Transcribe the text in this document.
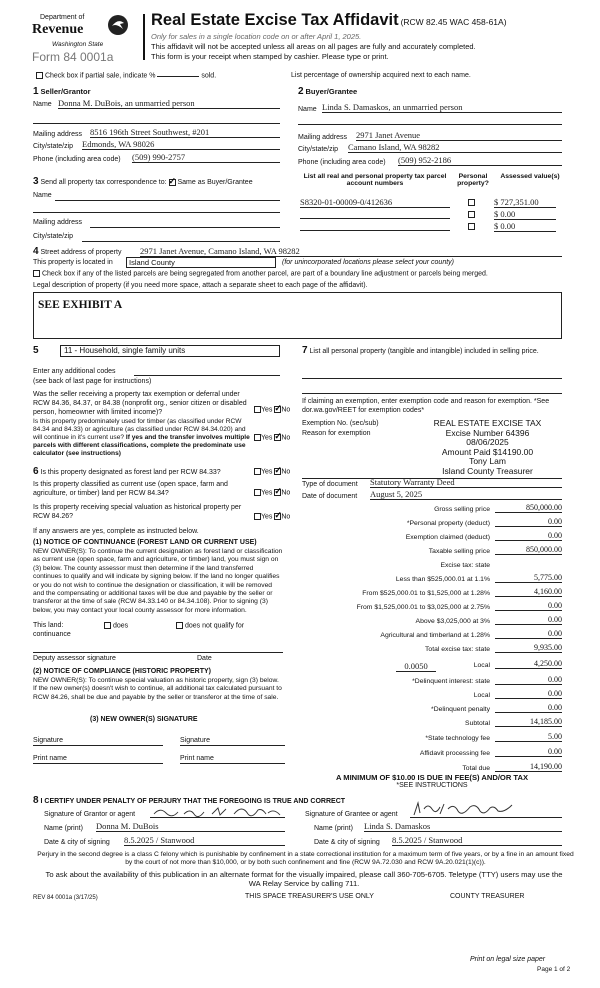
Department of
Revenue
Washington State
Form 84 0001a
Real Estate Excise Tax Affidavit (RCW 82.45 WAC 458-61A)
Only for sales in a single location code on or after April 1, 2025.
This affidavit will not be accepted unless all areas on all pages are fully and accurately completed.
This form is your receipt when stamped by cashier. Please type or print.
Check box if partial sale, indicate %	sold.	List percentage of ownership acquired next to each name.
1 Seller/Grantor
Name Donna M. DuBois, an unmarried person
Mailing address 8516 196th Street Southwest, #201
City/state/zip Edmonds, WA 98026
Phone (including area code) (509) 990-2757
2 Buyer/Grantee
Name Linda S. Damaskos, an unmarried person
Mailing address 2971 Janet Avenue
City/state/zip Camano Island, WA 98282
Phone (including area code) (509) 952-2186
3 Send all property tax correspondence to: ✓ Same as Buyer/Grantee
Name
Mailing address
City/state/zip
List all real and personal property tax parcel account numbers
Personal property?
Assessed value(s)
S8320-01-00009-0/412636	$ 727,351.00
$ 0.00
$ 0.00
4 Street address of property 2971 Janet Avenue, Camano Island, WA 98282
This property is located in	Island County	(for unincorporated locations please select your county)
Check box if any of the listed parcels are being segregated from another parcel, are part of a boundary line adjustment or parcels being merged.
Legal description of property (if you need more space, attach a separate sheet to each page of the affidavit).
SEE EXHIBIT A
5	11 - Household, single family units
Enter any additional codes
(see back of last page for instructions)
Was the seller receiving a property tax exemption or deferral under RCW 84.36, 84.37, or 84.38 (nonprofit org., senior citizen or disabled person, homeowner with limited income)?	Yes ✓ No
Is this property predominately used for timber (as classified under RCW 84.34 and 84.33) or agriculture (as classified under RCW 84.34.020) and will continue in it's current use? If yes and the transfer involves multiple parcels with different classifications, complete the predominate use calculator (see instructions)
Yes ✓ No
6 Is this property designated as forest land per RCW 84.33?	Yes ✓ No
Is this property classified as current use (open space, farm and agriculture, or timber) land per RCW 84.34?	Yes ✓ No
Is this property receiving special valuation as historical property per RCW 84.26?	Yes ✓ No
If any answers are yes, complete as instructed below.
(1) NOTICE OF CONTINUANCE (FOREST LAND OR CURRENT USE)
NEW OWNER(S): To continue the current designation as forest land or classification as current use (open space, farm and agriculture, or timber) land, you must sign on (3) below. The county assessor must then determine if the land transferred continues to qualify and will indicate by signing below. If the land no longer qualifies or you do not wish to continue the designation or classification, it will be removed and the compensating or additional taxes will be due and payable by the seller or transferor at the time of sale (RCW 84.33.140 or 84.34.108). Prior to signing (3) below, you may contact your local county assessor for more information.
This land:
continuance
does	does not qualify for
Deputy assessor signature	Date
(2) NOTICE OF COMPLIANCE (HISTORIC PROPERTY)
NEW OWNER(S): To continue special valuation as historic property, sign (3) below. If the new owner(s) doesn't wish to continue, all additional tax calculated pursuant to RCW 84.26, shall be due and payable by the seller or transferor at the time of sale.
(3) NEW OWNER(S) SIGNATURE
Signature	Signature
Print name	Print name
7 List all personal property (tangible and intangible) included in selling price.
If claiming an exemption, enter exemption code and reason for exemption. *See dor.wa.gov/REET for exemption codes*
Exemption No. (sec/sub)
Reason for exemption
REAL ESTATE EXCISE TAX
Excise Number 64396
08/06/2025
Amount Paid $14190.00
Tony Lam
Island County Treasurer
Type of document Statutory Warranty Deed
Date of document August 5, 2025
Gross selling price	850,000.00
*Personal property (deduct)	0.00
Exemption claimed (deduct)	0.00
Taxable selling price	850,000.00
Excise tax: state
Less than $525,000.01 at 1.1%	5,775.00
From $525,000.01 to $1,525,000 at 1.28%	4,160.00
From $1,525,000.01 to $3,025,000 at 2.75%	0.00
Above $3,025,000 at 3%	0.00
Agricultural and timberland at 1.28%	0.00
Total excise tax: state	9,935.00
0.0050	Local	4,250.00
*Delinquent interest: state	0.00
Local	0.00
*Delinquent penalty	0.00
Subtotal	14,185.00
*State technology fee	5.00
Affidavit processing fee	0.00
Total due	14,190.00
A MINIMUM OF $10.00 IS DUE IN FEE(S) AND/OR TAX
*SEE INSTRUCTIONS
8 I CERTIFY UNDER PENALTY OF PERJURY THAT THE FOREGOING IS TRUE AND CORRECT
Signature of Grantor or agent	Signature of Grantee or agent
Name (print) Donna M. DuBois	Name (print) Linda S. Damaskos
Date & city of signing 8.5.2025 / Stanwood	Date & city of signing 8.5.2025 / Stanwood
Perjury in the second degree is a class C felony which is punishable by confinement in a state correctional institution for a maximum term of five years, or by a fine in an amount fixed by the court of not more than $10,000, or by both such confinement and fine (RCW 9A.72.030 and RCW 9A.20.021(1)(c)).
To ask about the availability of this publication in an alternate format for the visually impaired, please call 360-705-6705. Teletype (TTY) users may use the WA Relay Service by calling 711.
REV 84 0001a (3/17/25)	THIS SPACE TREASURER'S USE ONLY	COUNTY TREASURER
Print on legal size paper
Page 1 of 2
